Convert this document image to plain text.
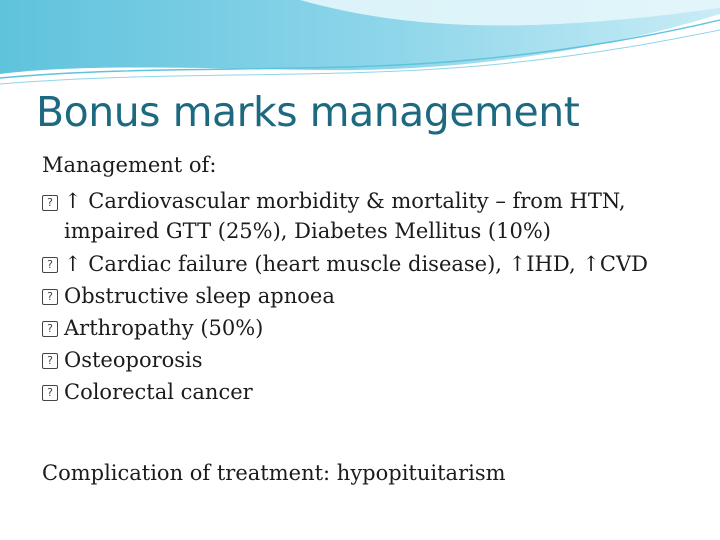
Bonus marks management

Management of:

? ↑ Cardiovascular morbidity & mortality – from HTN, impaired GTT (25%), Diabetes Mellitus (10%)
? ↑ Cardiac failure (heart muscle disease), ↑IHD, ↑CVD
? Obstructive sleep apnoea
? Arthropathy (50%)
? Osteoporosis
? Colorectal cancer

Complication of treatment: hypopituitarism
